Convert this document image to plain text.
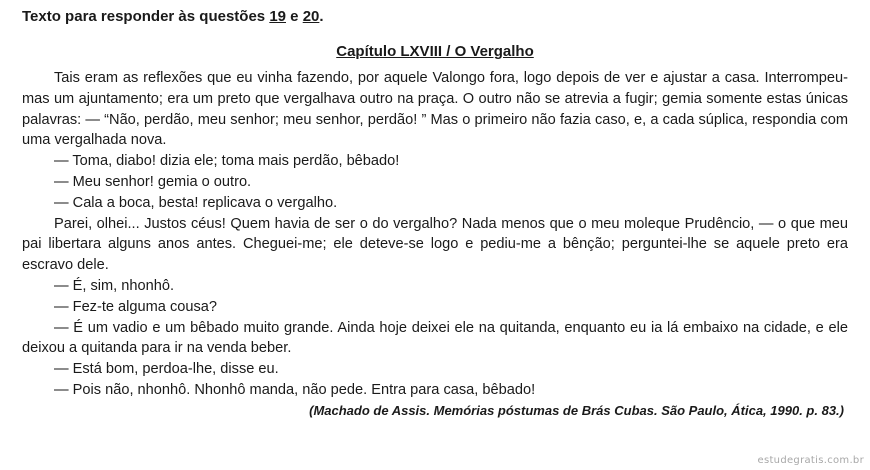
Texto para responder às questões 19 e 20.

Capítulo LXVIII / O Vergalho

Tais eram as reflexões que eu vinha fazendo, por aquele Valongo fora, logo depois de ver e ajustar a casa. Interrompeu-mas um ajuntamento; era um preto que vergalhava outro na praça. O outro não se atrevia a fugir; gemia somente estas únicas palavras: — “Não, perdão, meu senhor; meu senhor, perdão! ” Mas o primeiro não fazia caso, e, a cada súplica, respondia com uma vergalhada nova.

— Toma, diabo! dizia ele; toma mais perdão, bêbado!

— Meu senhor! gemia o outro.

— Cala a boca, besta! replicava o vergalho.

Parei, olhei... Justos céus! Quem havia de ser o do vergalho? Nada menos que o meu moleque Prudêncio, — o que meu pai libertara alguns anos antes. Cheguei-me; ele deteve-se logo e pediu-me a bênção; perguntei-lhe se aquele preto era escravo dele.

— É, sim, nhonhô.

— Fez-te alguma cousa?

— É um vadio e um bêbado muito grande. Ainda hoje deixei ele na quitanda, enquanto eu ia lá embaixo na cidade, e ele deixou a quitanda para ir na venda beber.

— Está bom, perdoa-lhe, disse eu.

— Pois não, nhonhô. Nhonhô manda, não pede. Entra para casa, bêbado!

(Machado de Assis. Memórias póstumas de Brás Cubas. São Paulo, Ática, 1990. p. 83.)

estudegratis.com.br
